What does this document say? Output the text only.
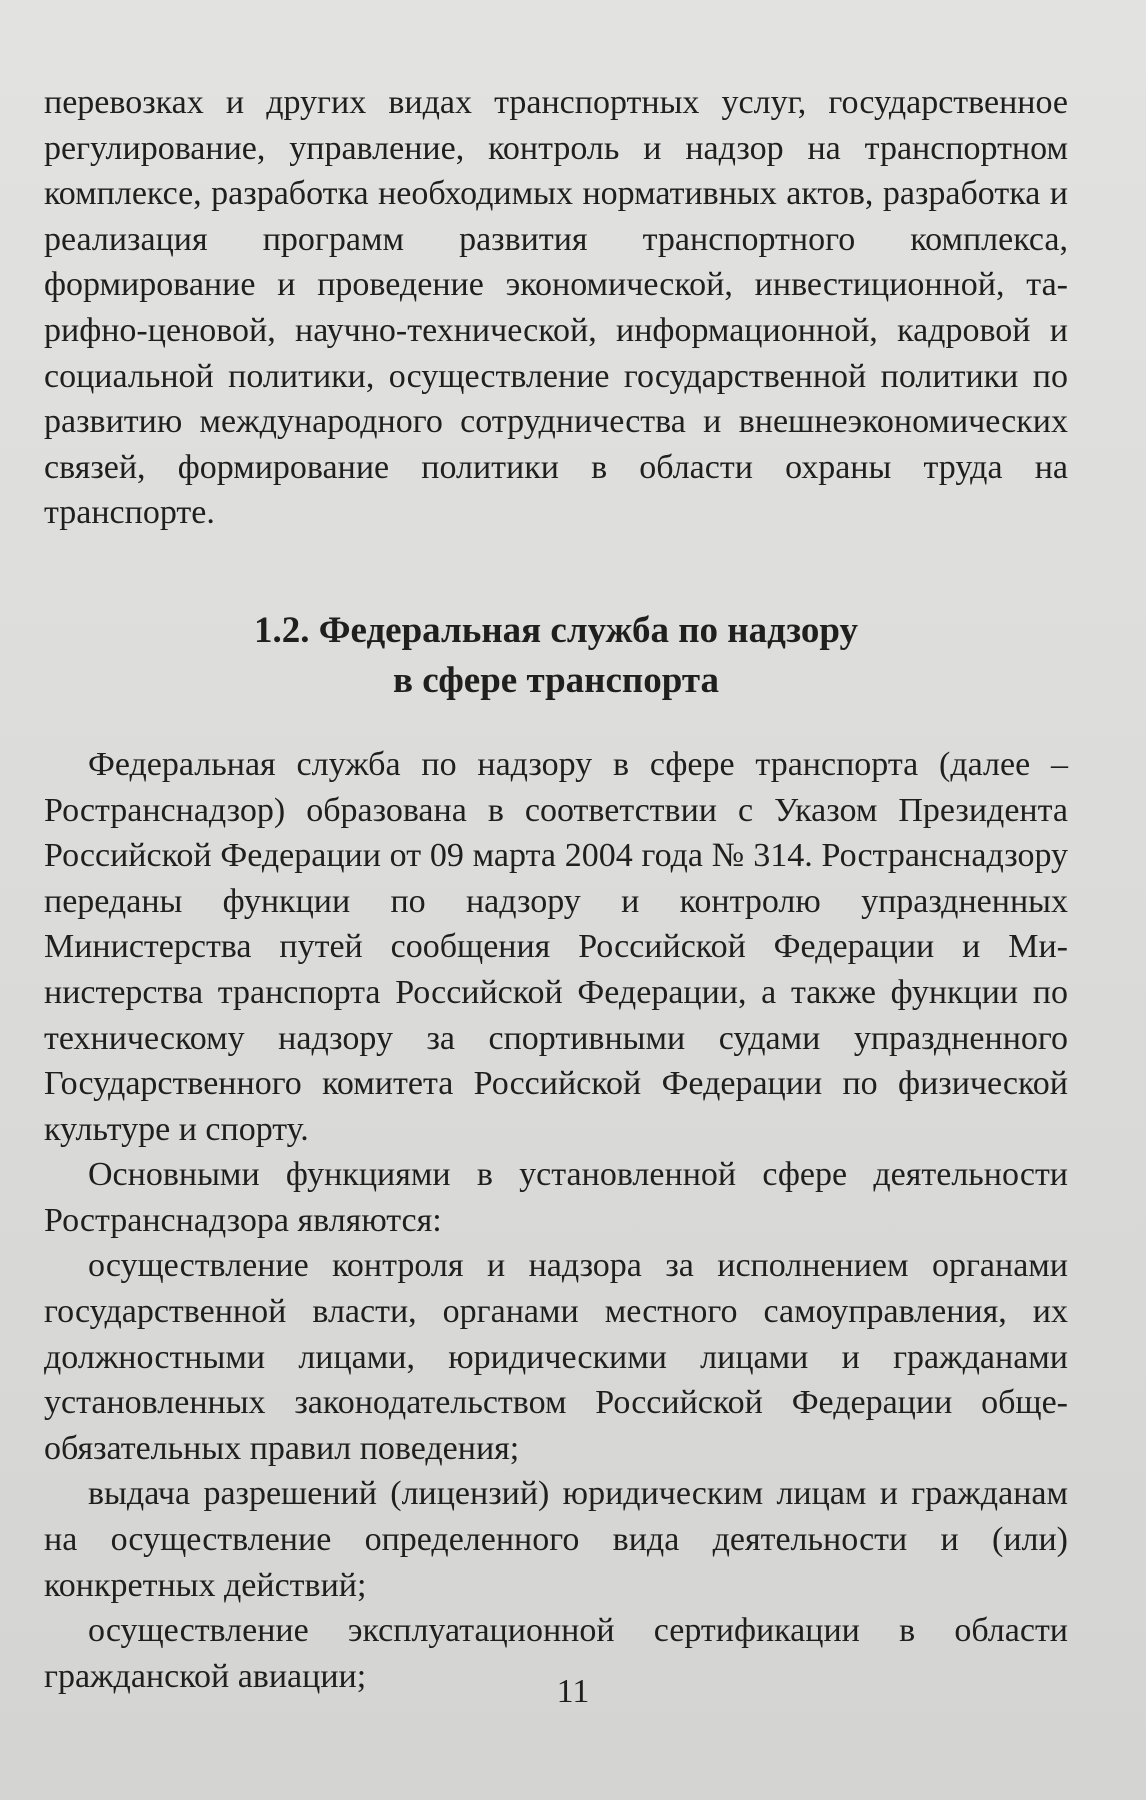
перевозках и других видах транспортных услуг, государственное регулирование, управление, контроль и надзор на транспортном комплексе, разработка необходимых нормативных актов, разработка и реализация программ развития транспортного комплекса, формирование и проведение экономической, инвестиционной, тарифно-ценовой, научно-технической, информационной, кадровой и социальной политики, осуществление государственной политики по развитию международного сотрудничества и внешнеэкономических связей, формирование политики в области охраны труда на транспорте.

1.2. Федеральная служба по надзору
в сфере транспорта

Федеральная служба по надзору в сфере транспорта (далее – Ространснадзор) образована в соответствии с Указом Президента Российской Федерации от 09 марта 2004 года № 314. Ространснадзору переданы функции по надзору и контролю упраздненных Министерства путей сообщения Российской Федерации и Министерства транспорта Российской Федерации, а также функции по техническому надзору за спортивными судами упраздненного Государственного комитета Российской Федерации по физической культуре и спорту.

Основными функциями в установленной сфере деятельности Ространснадзора являются:

осуществление контроля и надзора за исполнением органами государственной власти, органами местного самоуправления, их должностными лицами, юридическими лицами и гражданами установленных законодательством Российской Федерации общеобязательных правил поведения;

выдача разрешений (лицензий) юридическим лицам и гражданам на осуществление определенного вида деятельности и (или) конкретных действий;

осуществление эксплуатационной сертификации в области гражданской авиации;	11
